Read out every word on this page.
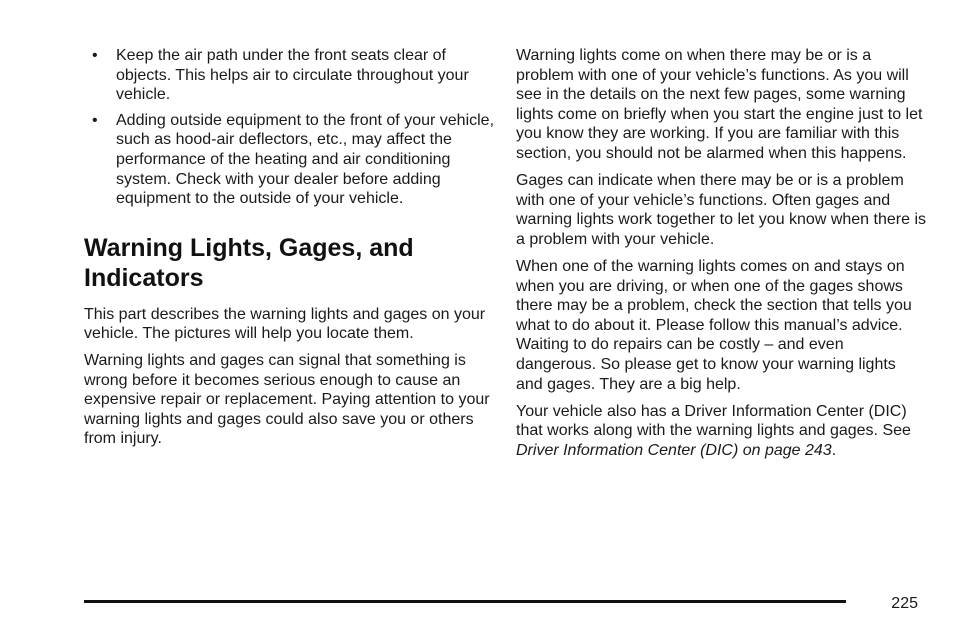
• Keep the air path under the front seats clear of objects. This helps air to circulate throughout your vehicle.
• Adding outside equipment to the front of your vehicle, such as hood-air deflectors, etc., may affect the performance of the heating and air conditioning system. Check with your dealer before adding equipment to the outside of your vehicle.
Warning Lights, Gages, and Indicators

This part describes the warning lights and gages on your vehicle. The pictures will help you locate them.

Warning lights and gages can signal that something is wrong before it becomes serious enough to cause an expensive repair or replacement. Paying attention to your warning lights and gages could also save you or others from injury.

Warning lights come on when there may be or is a problem with one of your vehicle’s functions. As you will see in the details on the next few pages, some warning lights come on briefly when you start the engine just to let you know they are working. If you are familiar with this section, you should not be alarmed when this happens.

Gages can indicate when there may be or is a problem with one of your vehicle’s functions. Often gages and warning lights work together to let you know when there is a problem with your vehicle.

When one of the warning lights comes on and stays on when you are driving, or when one of the gages shows there may be a problem, check the section that tells you what to do about it. Please follow this manual’s advice. Waiting to do repairs can be costly – and even dangerous. So please get to know your warning lights and gages. They are a big help.

Your vehicle also has a Driver Information Center (DIC) that works along with the warning lights and gages. See Driver Information Center (DIC) on page 243.

225
